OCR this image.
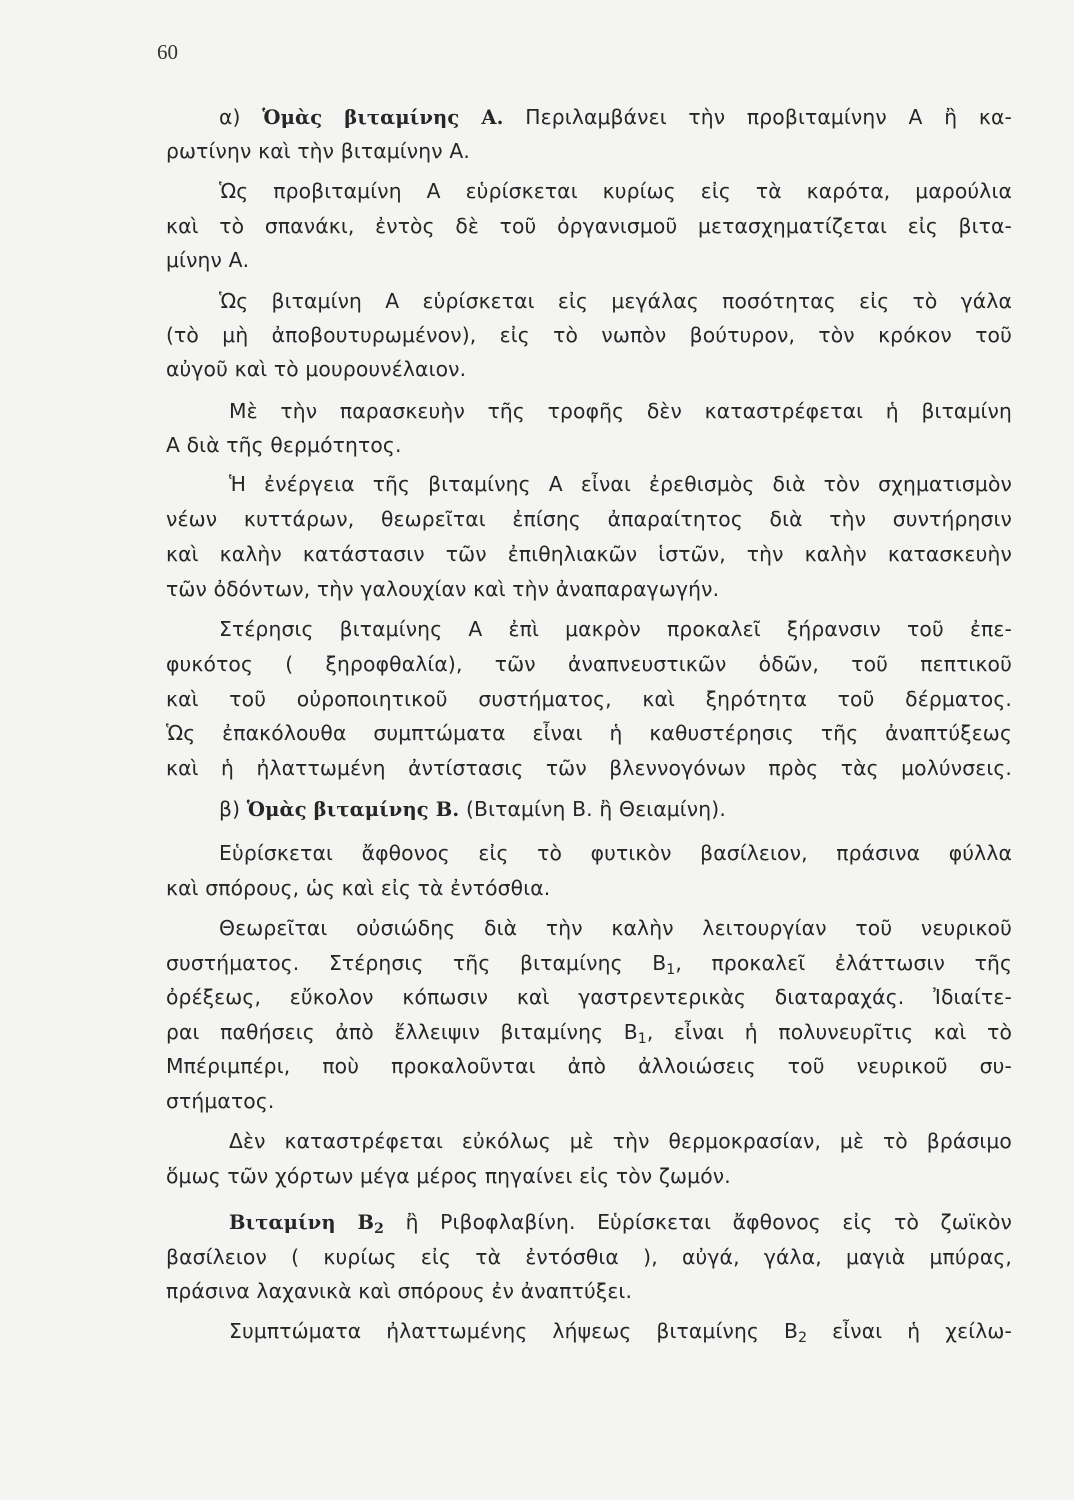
60
α) Ὁμὰς βιταμίνης Α. Περιλαμβάνει τὴν προβιταμίνην Α ἢ κα-
ρωτίνην καὶ τὴν βιταμίνην Α.
Ὡς προβιταμίνη Α εὑρίσκεται κυρίως εἰς τὰ καρότα, μαρούλια
καὶ τὸ σπανάκι, ἐντὸς δὲ τοῦ ὀργανισμοῦ μετασχηματίζεται εἰς βιτα-
μίνην Α.
Ὡς βιταμίνη Α εὑρίσκεται εἰς μεγάλας ποσότητας εἰς τὸ γάλα
(τὸ μὴ ἀποβουτυρωμένον), εἰς τὸ νωπὸν βούτυρον, τὸν κρόκον τοῦ
αὐγοῦ καὶ τὸ μουρουνέλαιον.
Μὲ τὴν παρασκευὴν τῆς τροφῆς δὲν καταστρέφεται ἡ βιταμίνη
Α διὰ τῆς θερμότητος.
Ἡ ἐνέργεια τῆς βιταμίνης Α εἶναι ἐρεθισμὸς διὰ τὸν σχηματισμὸν
νέων κυττάρων, θεωρεῖται ἐπίσης ἀπαραίτητος διὰ τὴν συντήρησιν
καὶ καλὴν κατάστασιν τῶν ἐπιθηλιακῶν ἱστῶν, τὴν καλὴν κατασκευὴν
τῶν ὀδόντων, τὴν γαλουχίαν καὶ τὴν ἀναπαραγωγήν.
Στέρησις βιταμίνης Α ἐπὶ μακρὸν προκαλεῖ ξήρανσιν τοῦ ἐπε-
φυκότος ( ξηροφθαλία), τῶν ἀναπνευστικῶν ὁδῶν, τοῦ πεπτικοῦ
καὶ τοῦ οὐροποιητικοῦ συστήματος, καὶ ξηρότητα τοῦ δέρματος.
Ὡς ἐπακόλουθα συμπτώματα εἶναι ἡ καθυστέρησις τῆς ἀναπτύξεως
καὶ ἡ ἠλαττωμένη ἀντίστασις τῶν βλεννογόνων πρὸς τὰς μολύνσεις.
β) Ὁμὰς βιταμίνης Β. (Βιταμίνη Β. ἢ Θειαμίνη).
Εὑρίσκεται ἄφθονος εἰς τὸ φυτικὸν βασίλειον, πράσινα φύλλα
καὶ σπόρους, ὡς καὶ εἰς τὰ ἐντόσθια.
Θεωρεῖται οὐσιώδης διὰ τὴν καλὴν λειτουργίαν τοῦ νευρικοῦ
συστήματος. Στέρησις τῆς βιταμίνης $B_1$, προκαλεῖ ἐλάττωσιν τῆς
ὀρέξεως, εὔκολον κόπωσιν καὶ γαστρεντερικὰς διαταραχάς. Ἰδιαίτε-
ραι παθήσεις ἀπὸ ἔλλειψιν βιταμίνης $B_1$, εἶναι ἡ πολυνευρῖτις καὶ τὸ
Μπέριμπέρι, ποὺ προκαλοῦνται ἀπὸ ἀλλοιώσεις τοῦ νευρικοῦ συ-
στήματος.
Δὲν καταστρέφεται εὐκόλως μὲ τὴν θερμοκρασίαν, μὲ τὸ βράσιμο
ὅμως τῶν χόρτων μέγα μέρος πηγαίνει εἰς τὸν ζωμόν.
Βιταμίνη $B_2$ ἢ Ριβοφλαβίνη. Εὑρίσκεται ἄφθονος εἰς τὸ ζωϊκὸν
βασίλειον ( κυρίως εἰς τὰ ἐντόσθια ), αὐγά, γάλα, μαγιὰ μπύρας,
πράσινα λαχανικὰ καὶ σπόρους ἐν ἀναπτύξει.
Συμπτώματα ἠλαττωμένης λήψεως βιταμίνης $B_2$ εἶναι ἡ χείλω-
